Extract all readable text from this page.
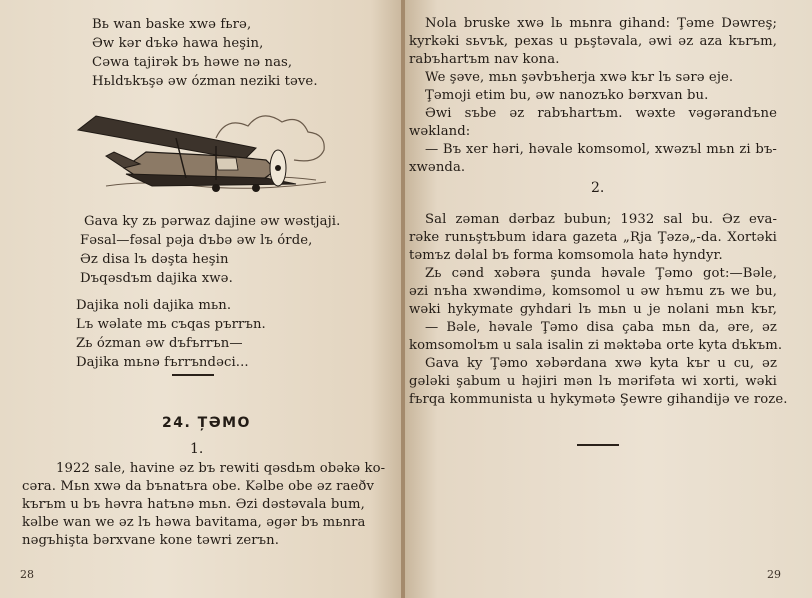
Bь wan baske xwə fьrə,
Əw kər dъkə hawa heşin,
Cəwa tajirək bъ həwe nə nas,
Hьldъkъşə əw ózman neziki təve.
Gava ky zь pərwaz dajine əw wəstjaji.
Fəsal—fəsal pəja dъbə əw lъ órde,
Əz disa lъ dəşta heşin
Dъqəsdъm dajika xwə.
Dajika noli dajika mьn.
Lъ wəlate mь cъqas pъrrъn.
Zь ózman əw dъfъrrъn—
Dajika mьnə fъrrъndəci...
24. ȚƏMO
1.
1922 sale, havine əz bъ rewiti qəsdьm obəkə ko-
cəra. Mьn xwə da bъnatъra obe. Kəlbe obe əz raeðv
kъrъm u bъ həvra hatъnə mьn. Əzi dəstəvala bum,
kəlbe wan we əz lъ həwa bavitama, əgər bъ mьnra
nəgъhişta bərxvane kone təwri zerъn.
28
Nola bruske xwə lь mьnra gihand: Ţəme Dəwreş;
kyrkəki sьvъk, pexas u pьştəvala, əwi əz aza kъrъm,
rabъhartъm nav kona.
We şəve, mьn şəvbъherja xwə kъr lъ sərə eje.
Ţəmoji etim bu, əw nanozъko bərxvan bu.
Əwi sъbe əz rabъhartъm. wəxte vəgərandъne
wəkland:
— Bъ xer həri, həvale komsomol, xwəzъl mьn zi bъ-
xwənda.
2.
Sal zəman dərbaz bubun; 1932 sal bu. Əz eva-
rəke runьştъbum idara gazeta „Rja Ţəzə„-da. Xortəki
təmъz dəlal bъ forma komsomola hatə hyndyr.
Zь cənd xəbəra şunda həvale Ţəmo got:—Bəle,
əzi nъha xwəndimə, komsomol u əw hъmu zъ we bu,
wəki hykymate gyhdari lъ mьn u je nolani mьn kъr,
— Bəle, həvale Ţəmo disa çaba mьn da, əre, əz
komsomolъm u sala isalin zi məktəba orte kyta dъkъm.
Gava ky Ţəmo xəbərdana xwə kyta kъr u cu, əz
gələki şabum u həjiri mən lъ mərifəta wi xorti, wəki
fъrqa kommunista u hykymətə Şewre gihandijə ve roze.
29
